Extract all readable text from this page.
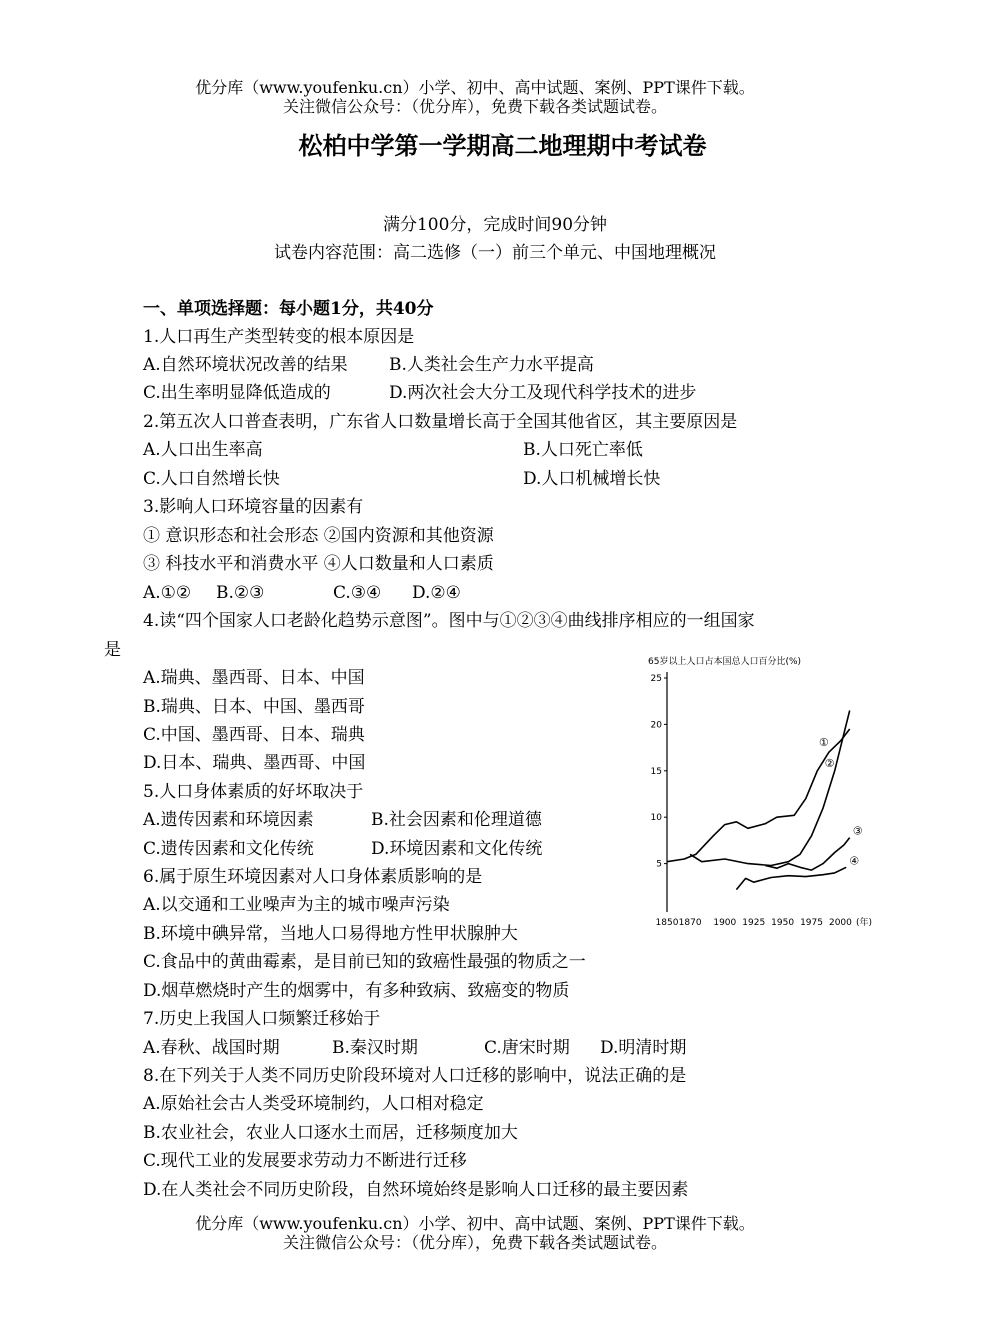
优分库（www.youfenku.cn）小学、初中、高中试题、案例、PPT课件下载。
关注微信公众号：（优分库），免费下载各类试题试卷。
松柏中学第一学期高二地理期中考试卷
满分100分，完成时间90分钟
试卷内容范围：高二选修（一）前三个单元、中国地理概况
一、单项选择题：每小题1分，共40分
1.人口再生产类型转变的根本原因是
A.自然环境状况改善的结果 B.人类社会生产力水平提高
C.出生率明显降低造成的	D.两次社会大分工及现代科学技术的进步
2.第五次人口普查表明，广东省人口数量增长高于全国其他省区，其主要原因是
A.人口出生率高	B.人口死亡率低
C.人口自然增长快	D.人口机械增长快
3.影响人口环境容量的因素有
① 意识形态和社会形态 ②国内资源和其他资源
③ 科技水平和消费水平 ④人口数量和人口素质
A.①② B.②③	C.③④ D.②④
4.读“四个国家人口老龄化趋势示意图”。图中与①②③④曲线排序相应的一组国家
是
A.瑞典、墨西哥、日本、中国
B.瑞典、日本、中国、墨西哥
C.中国、墨西哥、日本、瑞典
D.日本、瑞典、墨西哥、中国
5.人口身体素质的好坏取决于
A.遗传因素和环境因素	B.社会因素和伦理道德
C.遗传因素和文化传统	D.环境因素和文化传统
6.属于原生环境因素对人口身体素质影响的是
A.以交通和工业噪声为主的城市噪声污染
B.环境中碘异常，当地人口易得地方性甲状腺肿大
C.食品中的黄曲霉素，是目前已知的致癌性最强的物质之一
D.烟草燃烧时产生的烟雾中，有多种致病、致癌变的物质
7.历史上我国人口频繁迁移始于
A.春秋、战国时期	B.秦汉时期	C.唐宋时期 D.明清时期
8.在下列关于人类不同历史阶段环境对人口迁移的影响中，说法正确的是
A.原始社会古人类受环境制约，人口相对稳定
B.农业社会，农业人口逐水土而居，迁移频度加大
C.现代工业的发展要求劳动力不断进行迁移
D.在人类社会不同历史阶段，自然环境始终是影响人口迁移的最主要因素
优分库（www.youfenku.cn）小学、初中、高中试题、案例、PPT课件下载。
关注微信公众号：（优分库），免费下载各类试题试卷。
65岁以上人口占本国总人口百分比(%)
5
10
15
20
25
1850 1870 1900 1925 1950 1975 2000
①
②
③
④
(年)
